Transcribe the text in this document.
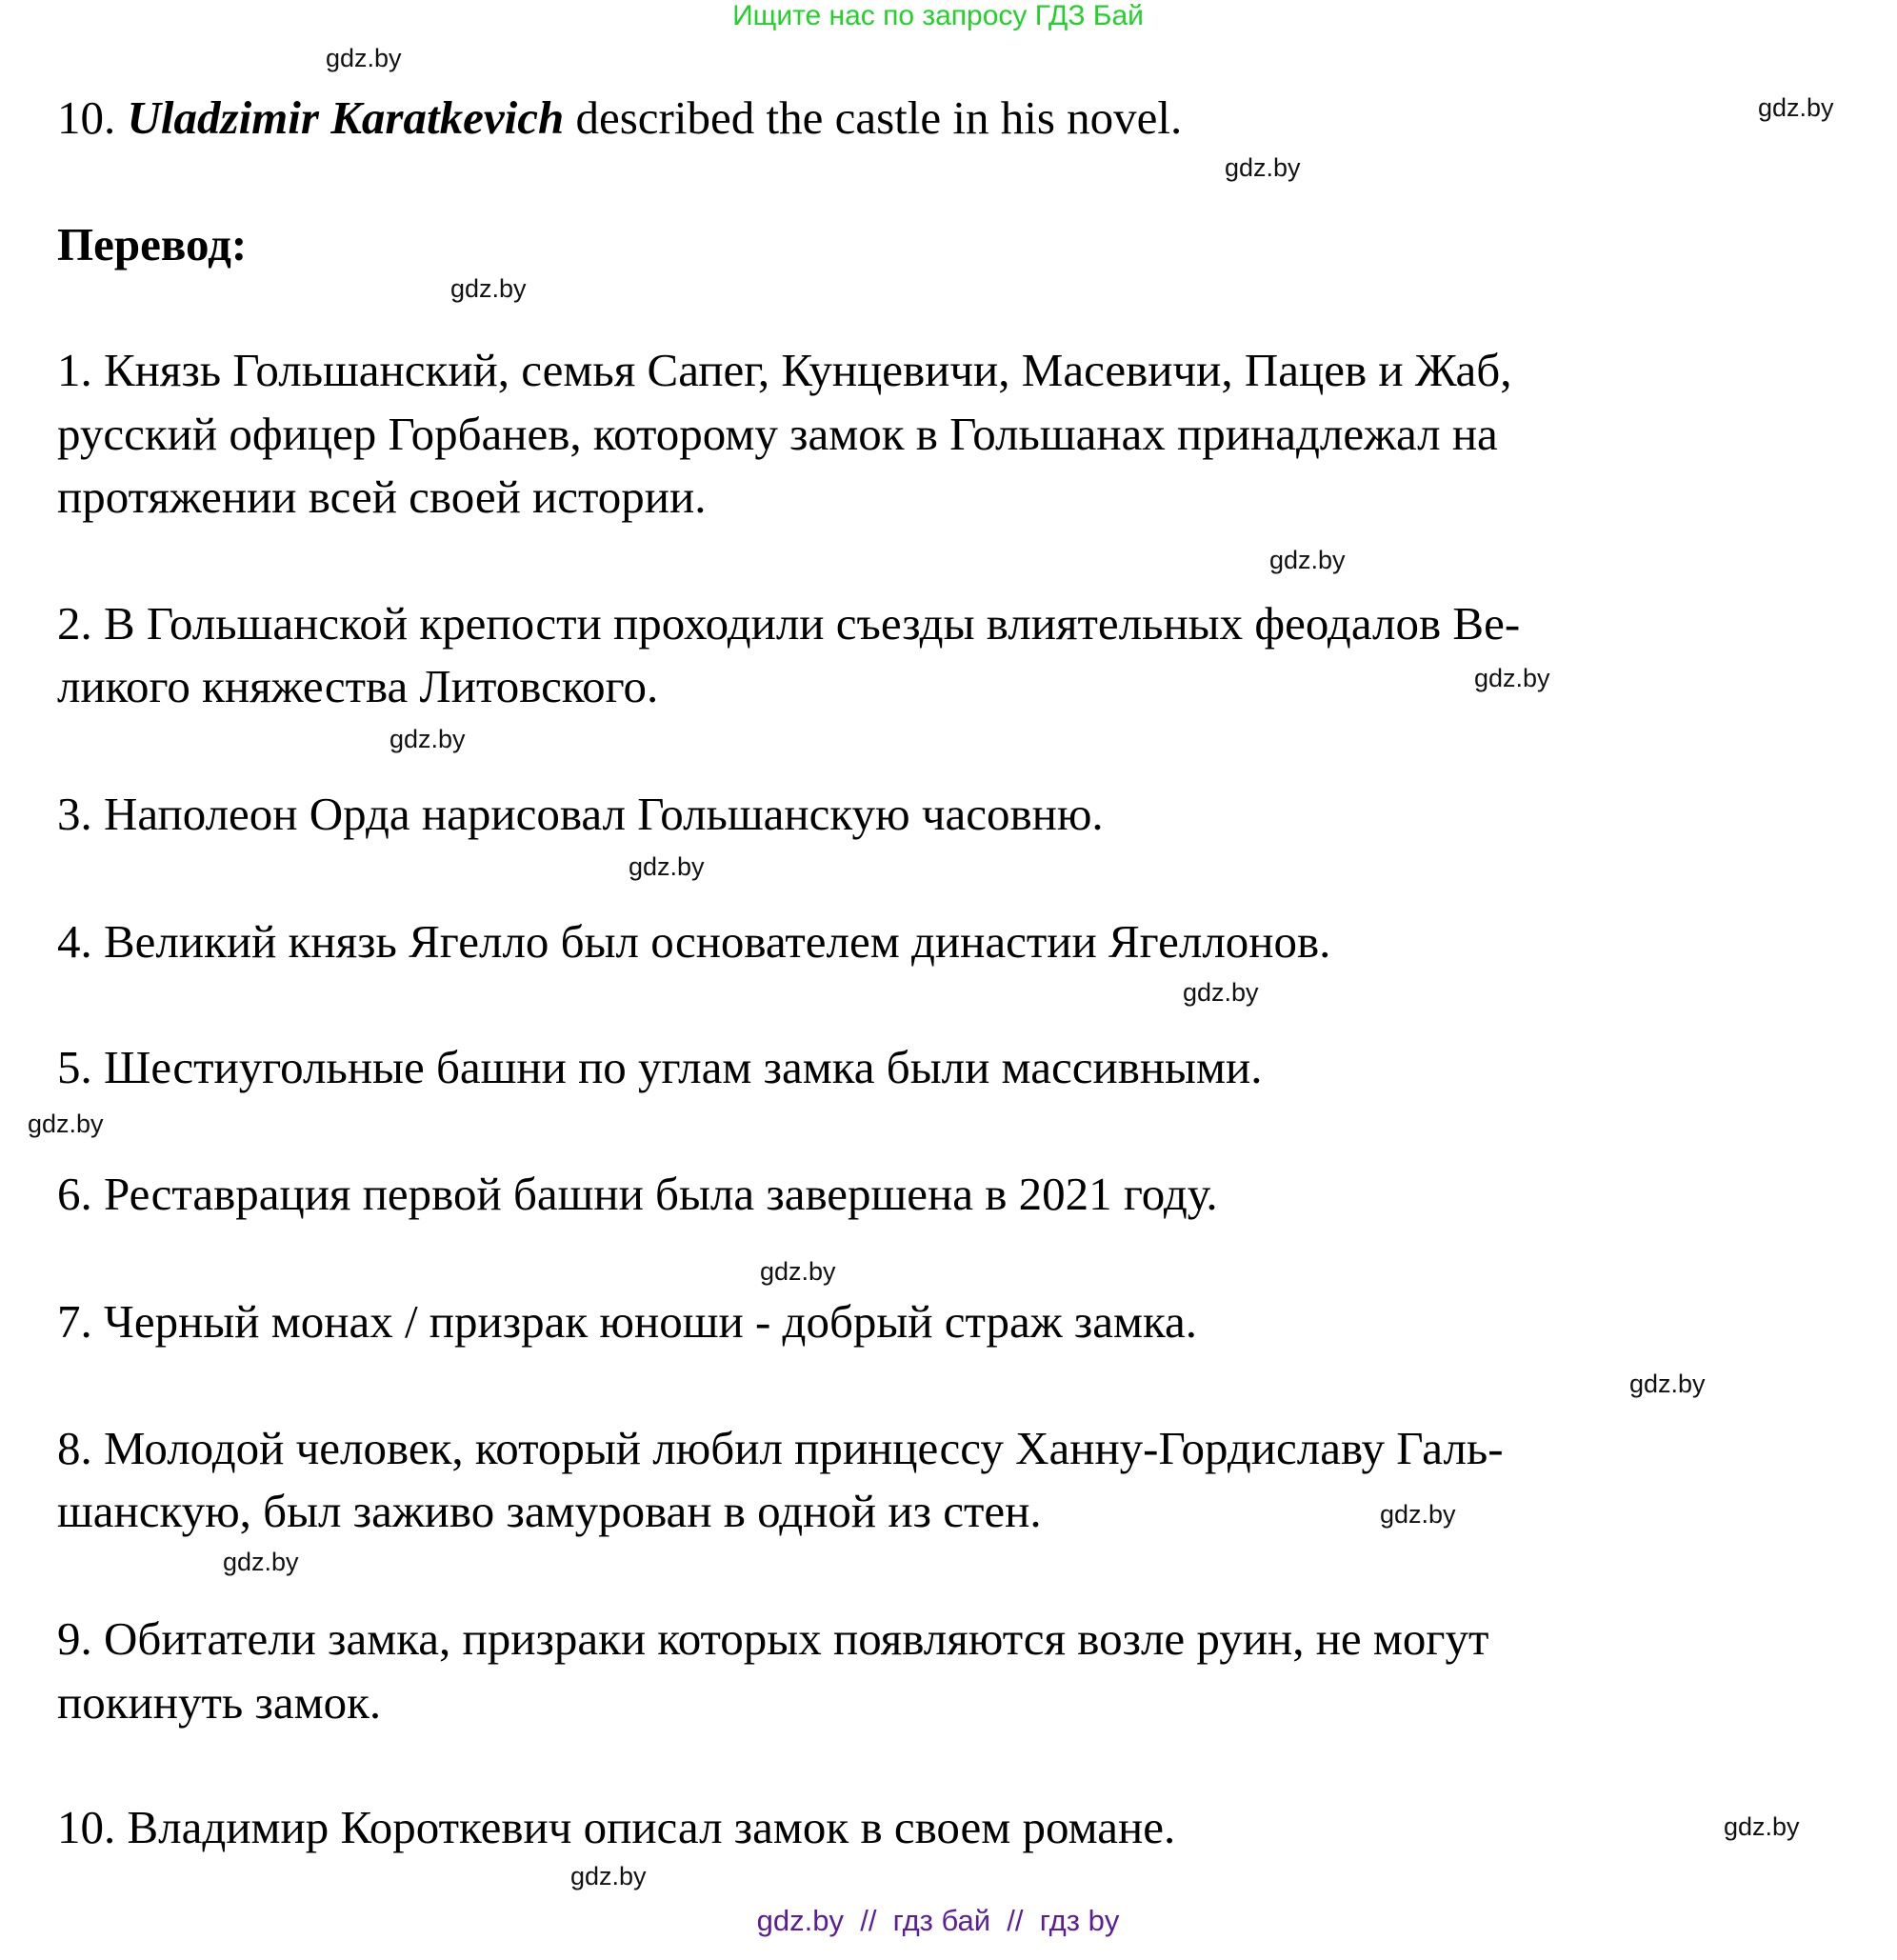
Ищите нас по запросу ГДЗ Бай
10. Uladzimir Karatkevich described the castle in his novel.
Перевод:
1. Князь Гольшанский, семья Сапег, Кунцевичи, Масевичи, Пацев и Жаб,
русский офицер Горбанев, которому замок в Гольшанах принадлежал на
протяжении всей своей истории.
2. В Гольшанской крепости проходили съезды влиятельных феодалов Ве-
ликого княжества Литовского.
3. Наполеон Орда нарисовал Гольшанскую часовню.
4. Великий князь Ягелло был основателем династии Ягеллонов.
5. Шестиугольные башни по углам замка были массивными.
6. Реставрация первой башни была завершена в 2021 году.
7. Черный монах / призрак юноши - добрый страж замка.
8. Молодой человек, который любил принцессу Ханну-Гордиславу Галь-
шанскую, был заживо замурован в одной из стен.
9. Обитатели замка, призраки которых появляются возле руин, не могут
покинуть замок.
10. Владимир Короткевич описал замок в своем романе.
gdz.by
gdz.by
gdz.by
gdz.by
gdz.by
gdz.by
gdz.by
gdz.by
gdz.by
gdz.by
gdz.by
gdz.by
gdz.by
gdz.by
gdz.by
gdz.by
gdz.by  //  гдз бай  //  гдз by
